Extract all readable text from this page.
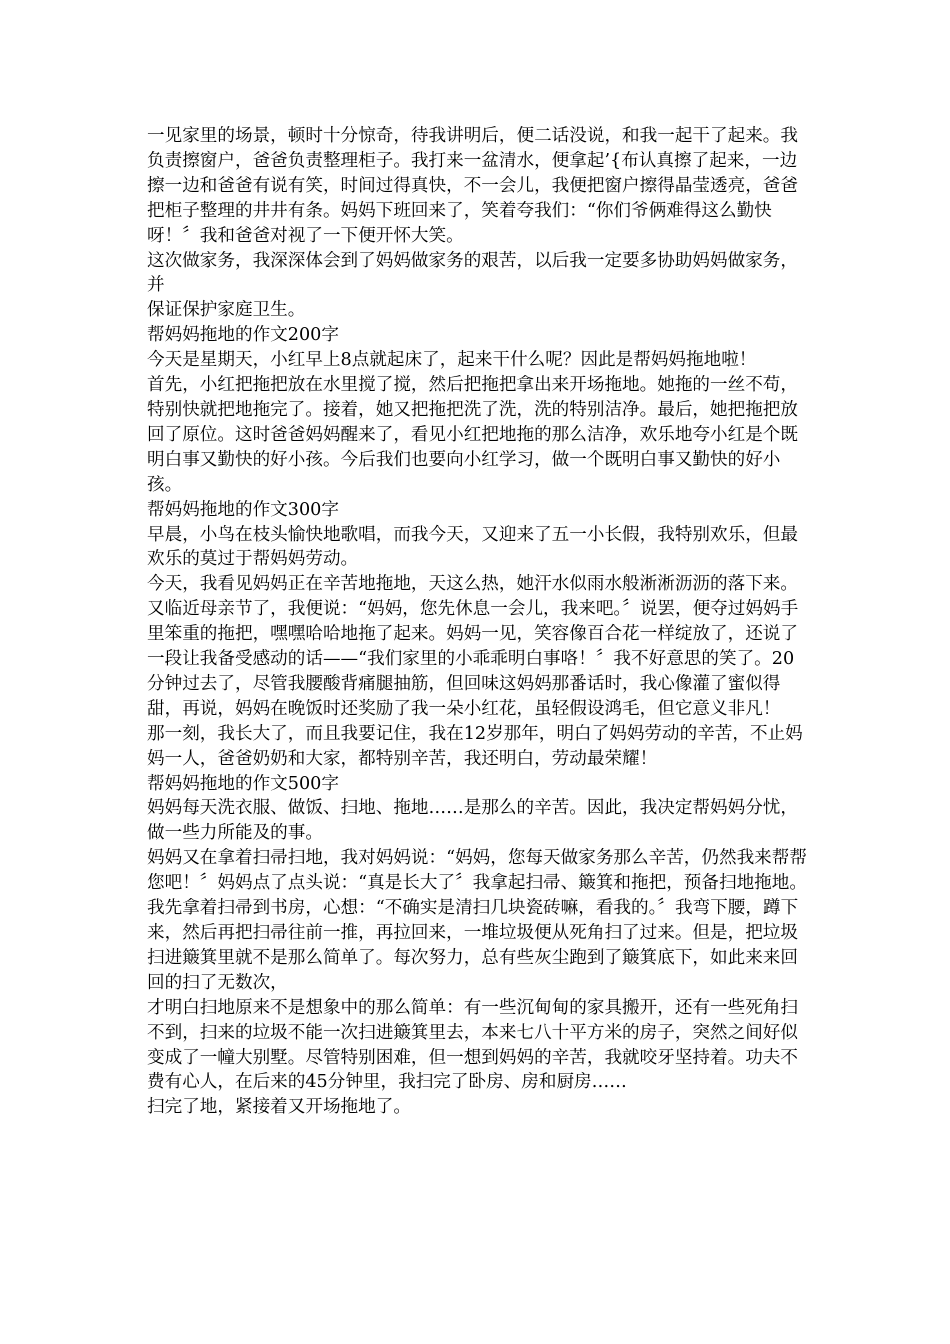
一见家里的场景，顿时十分惊奇，待我讲明后，便二话没说，和我一起干了起来。我负责擦窗户，爸爸负责整理柜子。我打来一盆清水，便拿起’{布认真擦了起来，一边擦一边和爸爸有说有笑，时间过得真快，不一会儿，我便把窗户擦得晶莹透亮，爸爸把柜子整理的井井有条。妈妈下班回来了，笑着夸我们：“你们爷俩难得这么勤快呀！〞我和爸爸对视了一下便开怀大笑。

这次做家务，我深深体会到了妈妈做家务的艰苦，以后我一定要多协助妈妈做家务，并

保证保护家庭卫生。

帮妈妈拖地的作文200字

今天是星期天，小红早上8点就起床了，起来干什么呢？因此是帮妈妈拖地啦！

首先，小红把拖把放在水里搅了搅，然后把拖把拿出来开场拖地。她拖的一丝不苟，特别快就把地拖完了。接着，她又把拖把洗了洗，洗的特别洁净。最后，她把拖把放回了原位。这时爸爸妈妈醒来了，看见小红把地拖的那么洁净，欢乐地夸小红是个既明白事又勤快的好小孩。今后我们也要向小红学习，做一个既明白事又勤快的好小孩。

帮妈妈拖地的作文300字

早晨，小鸟在枝头愉快地歌唱，而我今天，又迎来了五一小长假，我特别欢乐，但最欢乐的莫过于帮妈妈劳动。

今天，我看见妈妈正在辛苦地拖地，天这么热，她汗水似雨水般淅淅沥沥的落下来。又临近母亲节了，我便说：“妈妈，您先休息一会儿，我来吧。〞说罢，便夺过妈妈手里笨重的拖把，嘿嘿哈哈地拖了起来。妈妈一见，笑容像百合花一样绽放了，还说了一段让我备受感动的话——“我们家里的小乖乖明白事咯！〞我不好意思的笑了。20分钟过去了，尽管我腰酸背痛腿抽筋，但回味这妈妈那番话时，我心像灌了蜜似得甜，再说，妈妈在晚饭时还奖励了我一朵小红花，虽轻假设鸿毛，但它意义非凡！

那一刻，我长大了，而且我要记住，我在12岁那年，明白了妈妈劳动的辛苦，不止妈妈一人，爸爸奶奶和大家，都特别辛苦，我还明白，劳动最荣耀！

帮妈妈拖地的作文500字

妈妈每天洗衣服、做饭、扫地、拖地……是那么的辛苦。因此，我决定帮妈妈分忧，做一些力所能及的事。

妈妈又在拿着扫帚扫地，我对妈妈说：“妈妈，您每天做家务那么辛苦，仍然我来帮帮您吧！〞妈妈点了点头说：“真是长大了〞我拿起扫帚、簸箕和拖把，预备扫地拖地。

我先拿着扫帚到书房，心想：“不确实是清扫几块瓷砖嘛，看我的。〞我弯下腰，蹲下来，然后再把扫帚往前一推，再拉回来，一堆垃圾便从死角扫了过来。但是，把垃圾扫进簸箕里就不是那么简单了。每次努力，总有些灰尘跑到了簸箕底下，如此来来回回的扫了无数次，

才明白扫地原来不是想象中的那么简单：有一些沉甸甸的家具搬开，还有一些死角扫不到，扫来的垃圾不能一次扫进簸箕里去，本来七八十平方米的房子，突然之间好似变成了一幢大别墅。尽管特别困难，但一想到妈妈的辛苦，我就咬牙坚持着。功夫不费有心人，在后来的45分钟里，我扫完了卧房、房和厨房……

扫完了地，紧接着又开场拖地了。
